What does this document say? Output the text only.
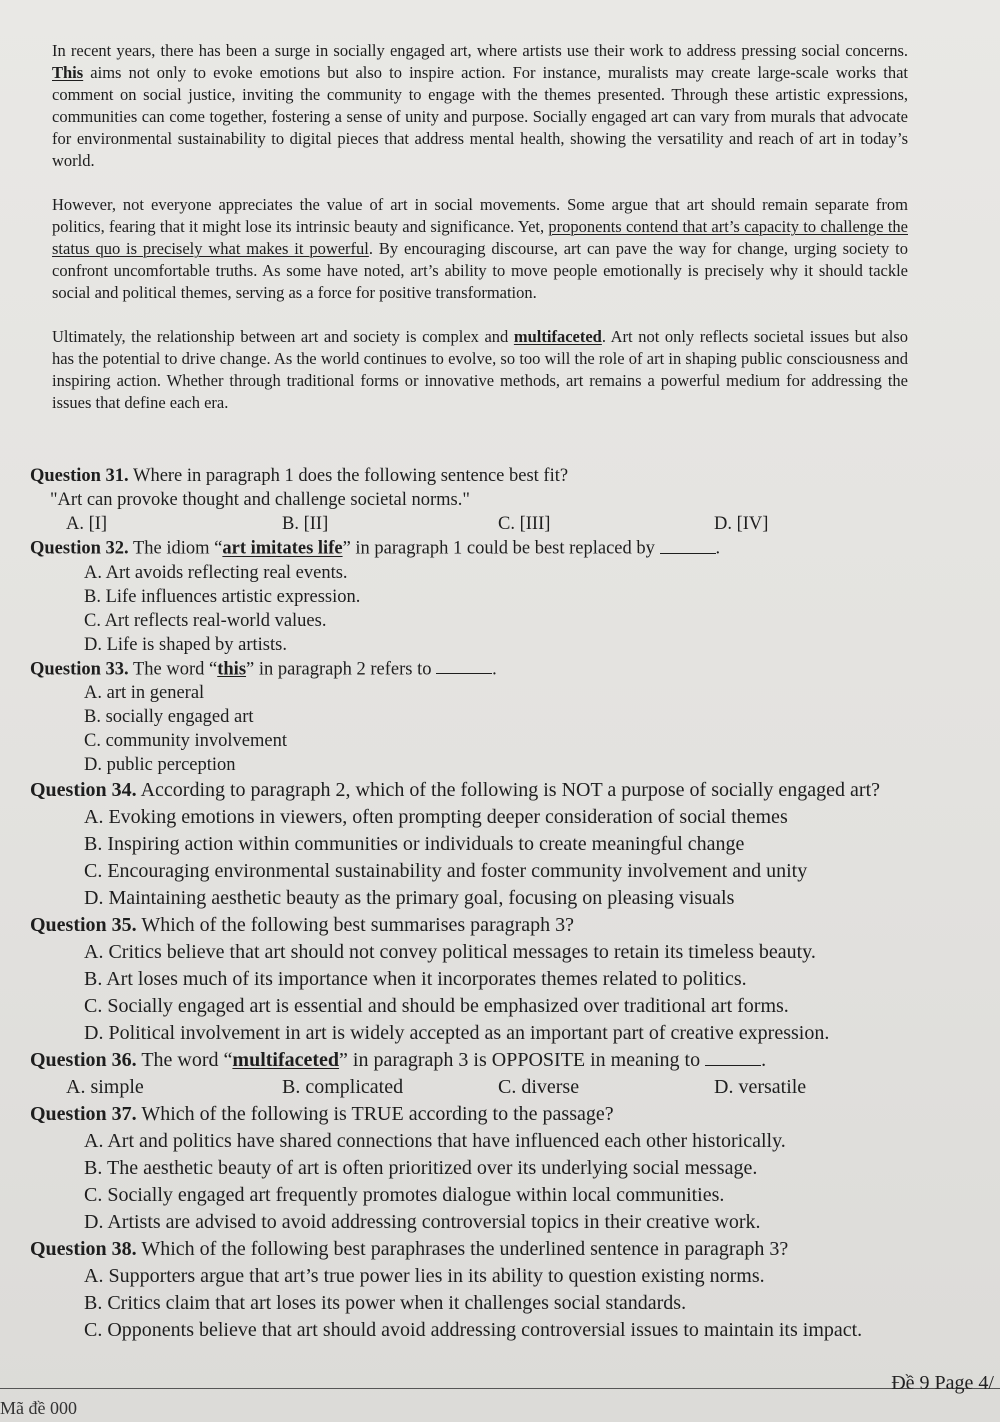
In recent years, there has been a surge in socially engaged art, where artists use their work to address pressing social concerns. This aims not only to evoke emotions but also to inspire action. For instance, muralists may create large-scale works that comment on social justice, inviting the community to engage with the themes presented. Through these artistic expressions, communities can come together, fostering a sense of unity and purpose. Socially engaged art can vary from murals that advocate for environmental sustainability to digital pieces that address mental health, showing the versatility and reach of art in today’s world.

However, not everyone appreciates the value of art in social movements. Some argue that art should remain separate from politics, fearing that it might lose its intrinsic beauty and significance. Yet, proponents contend that art’s capacity to challenge the status quo is precisely what makes it powerful. By encouraging discourse, art can pave the way for change, urging society to confront uncomfortable truths. As some have noted, art’s ability to move people emotionally is precisely why it should tackle social and political themes, serving as a force for positive transformation.

Ultimately, the relationship between art and society is complex and multifaceted. Art not only reflects societal issues but also has the potential to drive change. As the world continues to evolve, so too will the role of art in shaping public consciousness and inspiring action. Whether through traditional forms or innovative methods, art remains a powerful medium for addressing the issues that define each era.

Question 31. Where in paragraph 1 does the following sentence best fit?

"Art can provoke thought and challenge societal norms."

A. [I]	B. [II]	C. [III]	D. [IV]

Question 32. The idiom “art imitates life” in paragraph 1 could be best replaced by	.

A. Art avoids reflecting real events.

B. Life influences artistic expression.

C. Art reflects real-world values.

D. Life is shaped by artists.

Question 33. The word “this” in paragraph 2 refers to	.

A. art in general

B. socially engaged art

C. community involvement

D. public perception

Question 34. According to paragraph 2, which of the following is NOT a purpose of socially engaged art?

A. Evoking emotions in viewers, often prompting deeper consideration of social themes

B. Inspiring action within communities or individuals to create meaningful change

C. Encouraging environmental sustainability and foster community involvement and unity

D. Maintaining aesthetic beauty as the primary goal, focusing on pleasing visuals

Question 35. Which of the following best summarises paragraph 3?

A. Critics believe that art should not convey political messages to retain its timeless beauty.

B. Art loses much of its importance when it incorporates themes related to politics.

C. Socially engaged art is essential and should be emphasized over traditional art forms.

D. Political involvement in art is widely accepted as an important part of creative expression.

Question 36. The word “multifaceted” in paragraph 3 is OPPOSITE in meaning to	.

A. simple	B. complicated	C. diverse	D. versatile

Question 37. Which of the following is TRUE according to the passage?

A. Art and politics have shared connections that have influenced each other historically.

B. The aesthetic beauty of art is often prioritized over its underlying social message.

C. Socially engaged art frequently promotes dialogue within local communities.

D. Artists are advised to avoid addressing controversial topics in their creative work.

Question 38. Which of the following best paraphrases the underlined sentence in paragraph 3?

A. Supporters argue that art’s true power lies in its ability to question existing norms.

B. Critics claim that art loses its power when it challenges social standards.

C. Opponents believe that art should avoid addressing controversial issues to maintain its impact.

Mã đề 000
Đề 9 Page 4/
